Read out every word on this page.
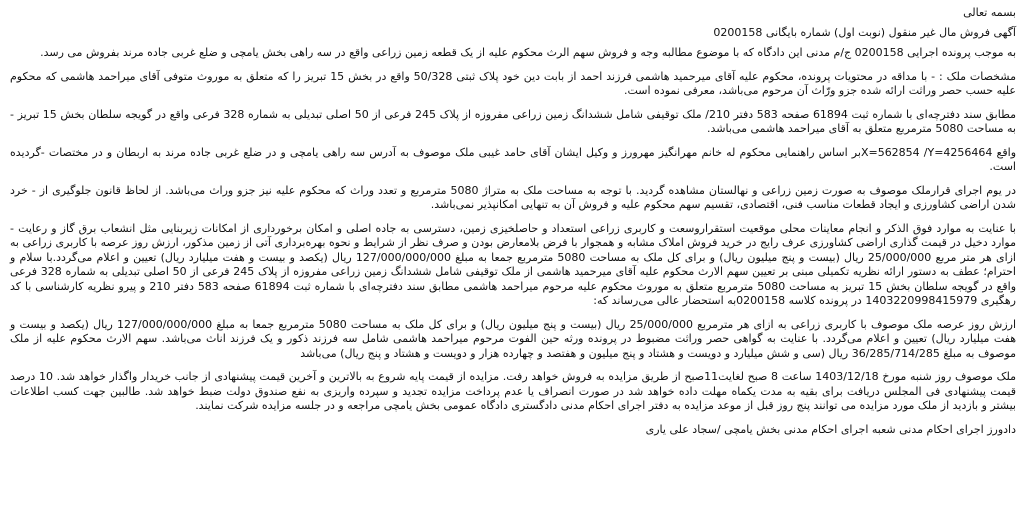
بسمه تعالی

آگهی فروش مال غیر منقول (نوبت اول) شماره بایگانی 0200158

به موجب پرونده اجرایی 0200158 ج/م مدنی این دادگاه که با موضوع مطالبه وجه و فروش سهم الرث محکوم علیه از یک قطعه زمین زراعی واقع در سه راهی بخش یامچی و ضلع غربی جاده مرند بفروش می رسد.

مشخصات ملک : - با مداقه در محتویات پرونده، محکوم علیه آقای میرحمید هاشمی فرزند احمد از بابت دین خود پلاک ثبتی 50/328 واقع در بخش 15 تبریز را که متعلق به موروث متوفی آقای میراحمد هاشمی که محکوم علیه حسب حصر وراثت ارائه شده جزو ورّاث آن مرحوم می‌باشد، معرفی نموده است.

مطابق سند دفترچه‌ای با شماره ثبت 61894 صفحه 583 دفتر 210/ ملک توقیفی شامل ششدانگ زمین زراعی مفروزه از پلاک 245 فرعی از 50 اصلی تبدیلی به شماره 328 فرعی واقع در گویجه سلطان بخش 15 تبریز - به مساحت 5080 مترمربع متعلق به آقای میراحمد هاشمی می‌باشد.

واقع X=562854 /Y=4256464بر اساس راهنمایی محکوم له خانم مهرانگیز مهرورز و وکیل ایشان آقای حامد غیبی ملک موصوف به آدرس سه راهی یامچی و در ضلع غربی جاده مرند به اربطان و در مختصات -گردیده است.

در یوم اجرای قرارملک موصوف به صورت زمین زراعی و نهالستان مشاهده گردید. با توجه به مساحت ملک به متراژ 5080 مترمربع و تعدد وراث که محکوم علیه نیز جزو وراث می‌باشد. از لحاظ قانون جلوگیری از - خرد شدن اراضی کشاورزی و ایجاد قطعات مناسب فنی، اقتصادی، تقسیم سهم محکوم علیه و فروش آن به تنهایی امکانپذیر نمی‌باشد.

با عنایت به موارد فوق الذکر و انجام معاینات محلی موقعیت استقراروسعت و کاربری زراعی استعداد و حاصلخیزی زمین، دسترسی به جاده اصلی و امکان برخورداری از امکانات زیربنایی مثل انشعاب برق گاز و رعایت - موارد دخیل در قیمت گذاری اراضی کشاورزی عرف رایج در خرید فروش املاک مشابه و همجوار با فرض بلامعارض بودن و صرف نظر از شرایط و نحوه بهره‌برداری آتی از زمین مذکور، ارزش روز عرصه با کاربری زراعی به ازای هر متر مربع 25/000/000 ریال (بیست و پنج میلیون ریال) و برای کل ملک به مساحت 5080 مترمربع جمعا به مبلغ 127/000/000/000 ریال (یکصد و بیست و هفت میلیارد ریال) تعیین و اعلام می‌گردد.با سلام و احترام؛ عطف به دستور ارائه نظریه تکمیلی مبنی بر تعیین سهم الارث محکوم علیه آقای میرحمید هاشمی از ملک توقیفی شامل ششدانگ زمین زراعی مفروزه از پلاک 245 فرعی از 50 اصلی تبدیلی به شماره 328 فرعی واقع در گویجه سلطان بخش 15 تبریز به مساحت 5080 مترمربع متعلق به موروث محکوم علیه مرحوم میراحمد هاشمی مطابق سند دفترچه‌ای با شماره ثبت 61894 صفحه 583 دفتر 210 و پیرو نظریه کارشناسی با کد رهگیری 1403220998415979 در پرونده کلاسه 0200158به استحضار عالی می‌رساند که:

ارزش روز عرصه ملک موصوف با کاربری زراعی به ازای هر مترمربع 25/000/000 ریال (بیست و پنج میلیون ریال) و برای کل ملک به مساحت 5080 مترمربع جمعا به مبلغ 127/000/000/000 ریال (یکصد و بیست و هفت میلیارد ریال) تعیین و اعلام می‌گردد. با عنایت به گواهی حصر وراثت مضبوط در پرونده ورثه حین الفوت مرحوم میراحمد هاشمی شامل سه فرزند ذکور و یک فرزند اناث می‌باشد. سهم الارث محکوم علیه از ملک موصوف به مبلغ 36/285/714/285 ریال (سی و شش میلیارد و دویست و هشتاد و پنج میلیون و هفتصد و چهارده هزار و دویست و هشتاد و پنج ریال) می‌باشد

ملک موصوف روز شنبه مورخ 1403/12/18 ساعت 8 صبح لغایت11صبح از طریق مزایده به فروش خواهد رفت. مزایده از قیمت پایه شروع به بالاترین و آخرین قیمت پیشنهادی از جانب خریدار واگذار خواهد شد. 10 درصد قیمت پیشنهادی فی المجلس دریافت برای بقیه به مدت یکماه مهلت داده خواهد شد در صورت انصراف یا عدم پرداخت مزایده تجدید و سپرده واریزی به نفع صندوق دولت ضبط خواهد شد. طالبین جهت کسب اطلاعات بیشتر و بازدید از ملک مورد مزایده می توانند پنج روز قبل از موعد مزایده به دفتر اجرای احکام مدنی دادگستری دادگاه عمومی بخش یامچی مراجعه و در جلسه مزایده شرکت نمایند.

دادورز اجرای احکام مدنی شعبه اجرای احکام مدنی بخش یامچی /سجاد علی یاری
